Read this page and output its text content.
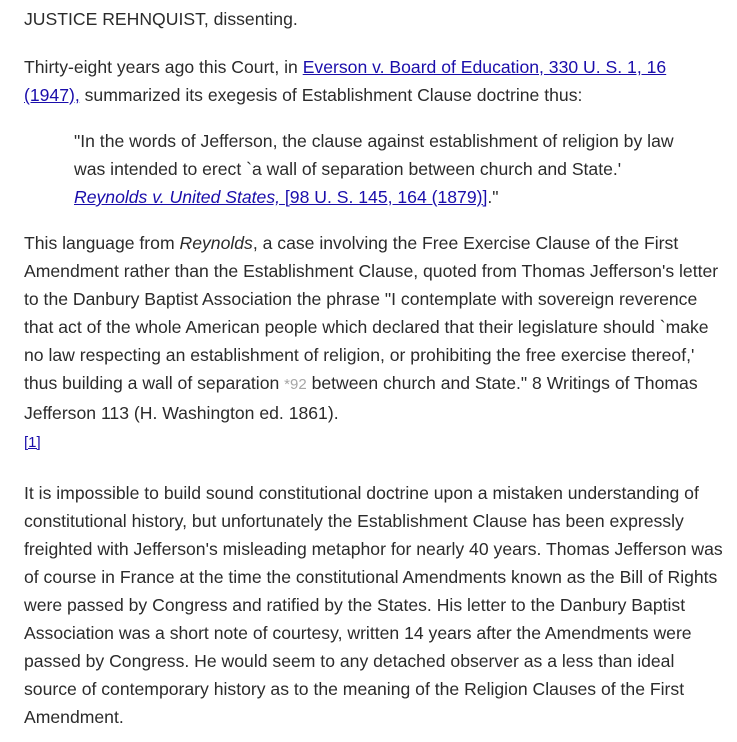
JUSTICE REHNQUIST, dissenting.

Thirty-eight years ago this Court, in Everson v. Board of Education, 330 U. S. 1, 16 (1947), summarized its exegesis of Establishment Clause doctrine thus:

"In the words of Jefferson, the clause against establishment of religion by law was intended to erect `a wall of separation between church and State.' Reynolds v. United States, [98 U. S. 145, 164 (1879)]."

This language from Reynolds, a case involving the Free Exercise Clause of the First Amendment rather than the Establishment Clause, quoted from Thomas Jefferson's letter to the Danbury Baptist Association the phrase "I contemplate with sovereign reverence that act of the whole American people which declared that their legislature should `make no law respecting an establishment of religion, or prohibiting the free exercise thereof,' thus building a wall of separation *92 between church and State." 8 Writings of Thomas Jefferson 113 (H. Washington ed. 1861).
[1]

It is impossible to build sound constitutional doctrine upon a mistaken understanding of constitutional history, but unfortunately the Establishment Clause has been expressly freighted with Jefferson's misleading metaphor for nearly 40 years. Thomas Jefferson was of course in France at the time the constitutional Amendments known as the Bill of Rights were passed by Congress and ratified by the States. His letter to the Danbury Baptist Association was a short note of courtesy, written 14 years after the Amendments were passed by Congress. He would seem to any detached observer as a less than ideal source of contemporary history as to the meaning of the Religion Clauses of the First Amendment.
